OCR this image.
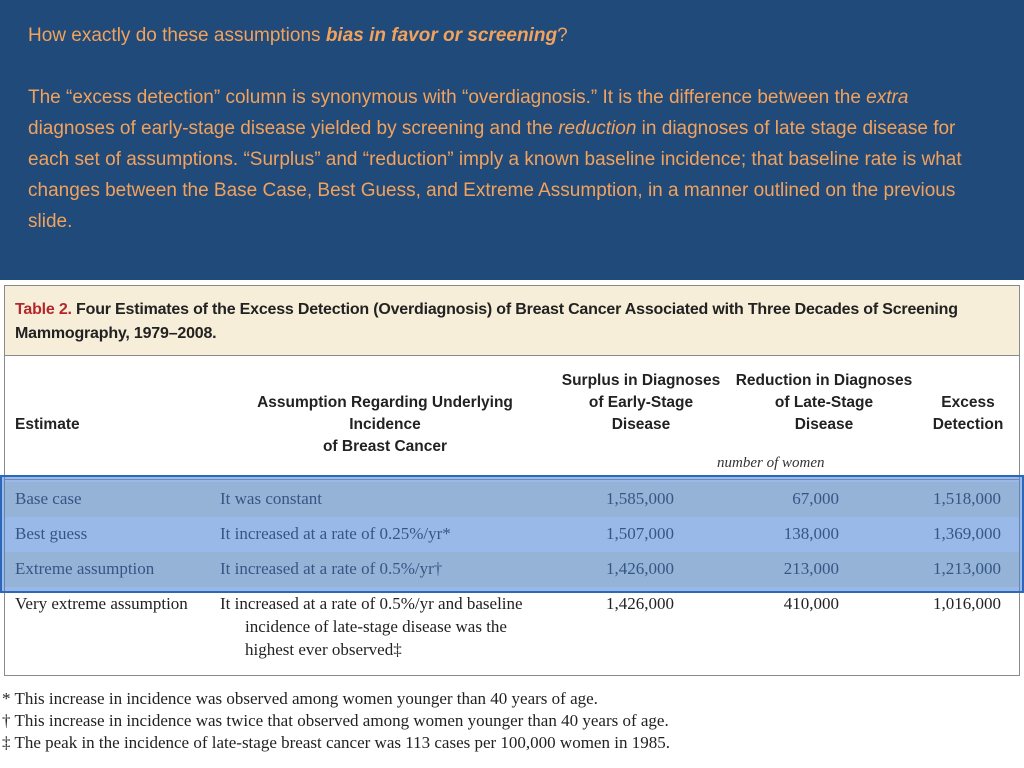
How exactly do these assumptions bias in favor or screening?

The “excess detection” column is synonymous with “overdiagnosis.” It is the difference between the extra diagnoses of early-stage disease yielded by screening and the reduction in diagnoses of late stage disease for each set of assumptions. “Surplus” and “reduction” imply a known baseline incidence; that baseline rate is what changes between the Base Case, Best Guess, and Extreme Assumption, in a manner outlined on the previous slide.

Table 2. Four Estimates of the Excess Detection (Overdiagnosis) of Breast Cancer Associated with Three Decades of Screening Mammography, 1979–2008.
Estimate
Assumption Regarding Underlying Incidence
of Breast Cancer
Surplus in Diagnoses
of Early-Stage
Disease
Reduction in Diagnoses
of Late-Stage
Disease
Excess
Detection
number of women
Very extreme assumption It increased at a rate of 0.5%/yr and baseline
incidence of late-stage disease was the
highest ever observed‡
1,426,000	410,000	1,016,000
* This increase in incidence was observed among women younger than 40 years of age.
† This increase in incidence was twice that observed among women younger than 40 years of age.
‡ The peak in the incidence of late-stage breast cancer was 113 cases per 100,000 women in 1985.
